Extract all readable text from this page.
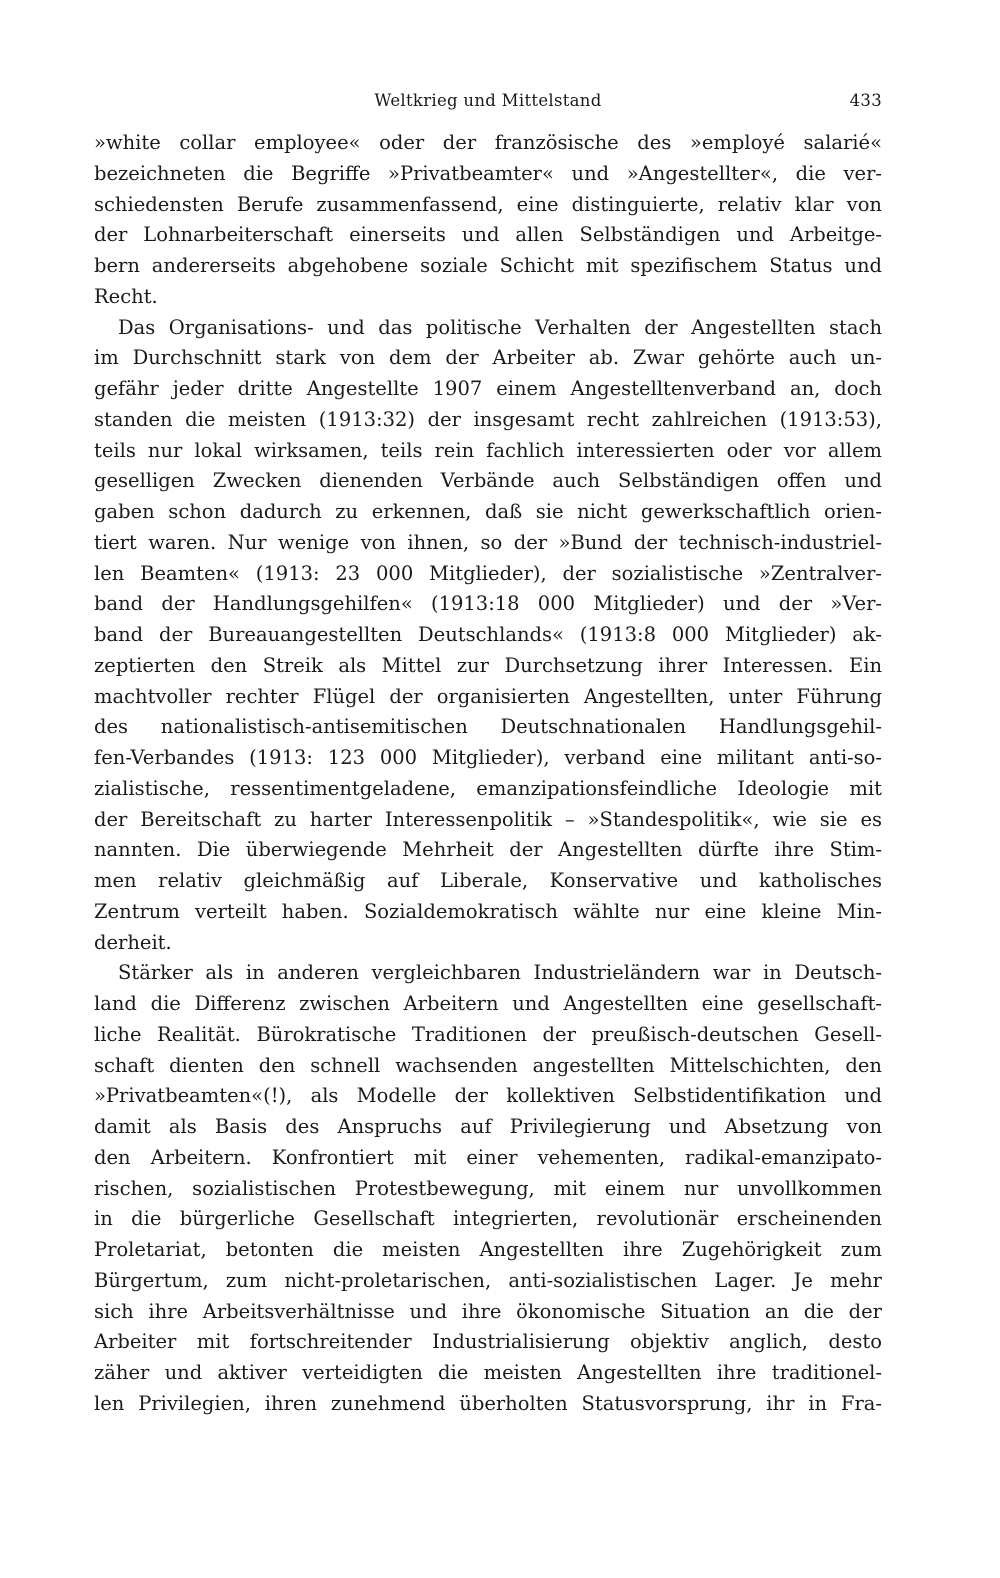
Weltkrieg und Mittelstand	433
»white collar employee« oder der französische des »employé salarié«
bezeichneten die Begriffe »Privatbeamter« und »Angestellter«, die ver-
schiedensten Berufe zusammenfassend, eine distinguierte, relativ klar von
der Lohnarbeiterschaft einerseits und allen Selbständigen und Arbeitge-
bern andererseits abgehobene soziale Schicht mit spezifischem Status und
Recht.
Das Organisations- und das politische Verhalten der Angestellten stach
im Durchschnitt stark von dem der Arbeiter ab. Zwar gehörte auch un-
gefähr jeder dritte Angestellte 1907 einem Angestelltenverband an, doch
standen die meisten (1913:32) der insgesamt recht zahlreichen (1913:53),
teils nur lokal wirksamen, teils rein fachlich interessierten oder vor allem
geselligen Zwecken dienenden Verbände auch Selbständigen offen und
gaben schon dadurch zu erkennen, daß sie nicht gewerkschaftlich orien-
tiert waren. Nur wenige von ihnen, so der »Bund der technisch-industriel-
len Beamten« (1913: 23 000 Mitglieder), der sozialistische »Zentralver-
band der Handlungsgehilfen« (1913:18 000 Mitglieder) und der »Ver-
band der Bureauangestellten Deutschlands« (1913:8 000 Mitglieder) ak-
zeptierten den Streik als Mittel zur Durchsetzung ihrer Interessen. Ein
machtvoller rechter Flügel der organisierten Angestellten, unter Führung
des nationalistisch-antisemitischen Deutschnationalen Handlungsgehil-
fen-Verbandes (1913: 123 000 Mitglieder), verband eine militant anti-so-
zialistische, ressentimentgeladene, emanzipationsfeindliche Ideologie mit
der Bereitschaft zu harter Interessenpolitik – »Standespolitik«, wie sie es
nannten. Die überwiegende Mehrheit der Angestellten dürfte ihre Stim-
men relativ gleichmäßig auf Liberale, Konservative und katholisches
Zentrum verteilt haben. Sozialdemokratisch wählte nur eine kleine Min-
derheit.
Stärker als in anderen vergleichbaren Industrieländern war in Deutsch-
land die Differenz zwischen Arbeitern und Angestellten eine gesellschaft-
liche Realität. Bürokratische Traditionen der preußisch-deutschen Gesell-
schaft dienten den schnell wachsenden angestellten Mittelschichten, den
»Privatbeamten«(!), als Modelle der kollektiven Selbstidentifikation und
damit als Basis des Anspruchs auf Privilegierung und Absetzung von
den Arbeitern. Konfrontiert mit einer vehementen, radikal-emanzipato-
rischen, sozialistischen Protestbewegung, mit einem nur unvollkommen
in die bürgerliche Gesellschaft integrierten, revolutionär erscheinenden
Proletariat, betonten die meisten Angestellten ihre Zugehörigkeit zum
Bürgertum, zum nicht-proletarischen, anti-sozialistischen Lager. Je mehr
sich ihre Arbeitsverhältnisse und ihre ökonomische Situation an die der
Arbeiter mit fortschreitender Industrialisierung objektiv anglich, desto
zäher und aktiver verteidigten die meisten Angestellten ihre traditionel-
len Privilegien, ihren zunehmend überholten Statusvorsprung, ihr in Fra-
